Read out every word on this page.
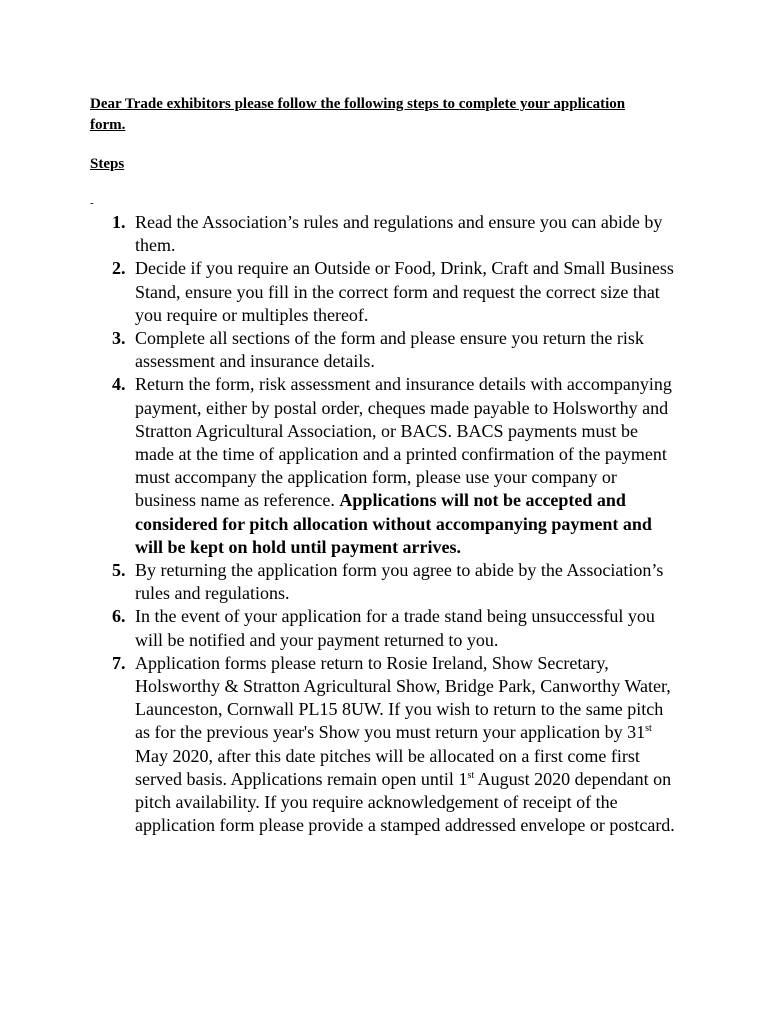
Dear Trade exhibitors please follow the following steps to complete your application form.

Steps

-
1. Read the Association’s rules and regulations and ensure you can abide by them.
2. Decide if you require an Outside or Food, Drink, Craft and Small Business Stand, ensure you fill in the correct form and request the correct size that you require or multiples thereof.
3. Complete all sections of the form and please ensure you return the risk assessment and insurance details.
4. Return the form, risk assessment and insurance details with accompanying payment, either by postal order, cheques made payable to Holsworthy and Stratton Agricultural Association, or BACS. BACS payments must be made at the time of application and a printed confirmation of the payment must accompany the application form, please use your company or business name as reference. Applications will not be accepted and considered for pitch allocation without accompanying payment and will be kept on hold until payment arrives.
5. By returning the application form you agree to abide by the Association’s rules and regulations.
6. In the event of your application for a trade stand being unsuccessful you will be notified and your payment returned to you.
7. Application forms please return to Rosie Ireland, Show Secretary, Holsworthy & Stratton Agricultural Show, Bridge Park, Canworthy Water, Launceston, Cornwall PL15 8UW. If you wish to return to the same pitch as for the previous year's Show you must return your application by 31st May 2020, after this date pitches will be allocated on a first come first served basis. Applications remain open until 1st August 2020 dependant on pitch availability. If you require acknowledgement of receipt of the application form please provide a stamped addressed envelope or postcard.
